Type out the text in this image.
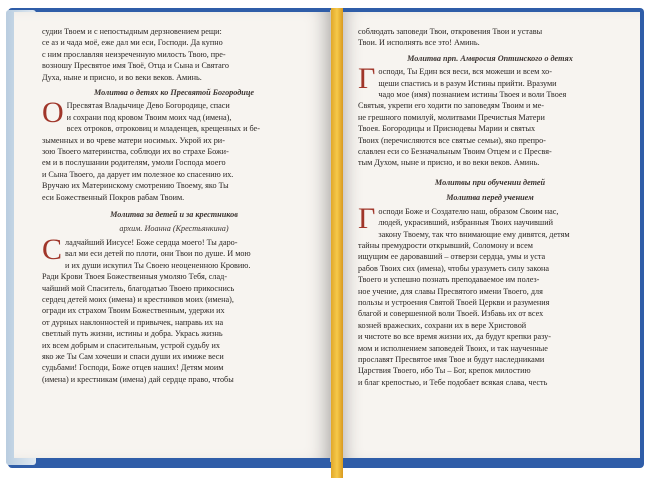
судии Твоем и с непостыдным дерзновением рещи:
се аз и чада моё, еже дал ми еси, Господи. Да купно
с ним прославляя неизреченную милость Твою, пре-
возношу Пресвятое имя Твоё, Отца и Сына и Святаго
Духа, ныне и присно, и во веки веков. Аминь.

Молитва о детях ко Пресвятой Богородице

О Пресвятая Владычице Дево Богородице, спаси
и сохрани под кровом Твоим моих чад (имена),
всех отроков, отроковиц и младенцев, крещенных и бе-
зыменных и во чреве матери носимых. Укрой их ри-
зою Твоего материнства, соблюди их во страхе Божи-
ем и в послушании родителям, умоли Господа моего
и Сына Твоего, да дарует им полезное ко спасению их.
Вручаю их Материнскому смотрению Твоему, яко Ты
еси Божественный Покров рабам Твоим.

Молитва за детей и за крестников
архим. Иоанна (Крестьянкина)

С ладчайший Иисусе! Боже сердца моего! Ты даро-
вал ми еси детей по плоти, они Твои по душе. И мою
и их души искупил Ты Своею неоцененною Кровию.
Ради Крови Твоея Божественныя умоляю Тебя, слад-
чайший мой Спаситель, благодатью Твоею прикоснись
сердец детей моих (имена) и крестников моих (имена),
огради их страхом Твоим Божественным, удержи их
от дурных наклонностей и привычек, направь их на
светлый путь жизни, истины и добра. Укрась жизнь
их всем добрым и спасительным, устрой судьбу их
яко же Ты Сам хочеши и спаси души их имиже веси
судьбами! Господи, Боже отцев наших! Детям моим
(имена) и крестникам (имена) дай сердце право, чтобы

соблюдать заповеди Твои, откровения Твои и уставы
Твои. И исполнять все это! Аминь.

Молитва прп. Амвросия Оптинского о детях

Г осподи, Ты Един вся веси, вся можеши и всем хо-
щеши спастись и в разум Истины прийти. Вразуми
чадо мое (имя) познанием истины Твоея и воли Твоея
Святыя, укрепи его ходити по заповедям Твоим и ме-
не грешного помилуй, молитвами Пречистыя Матери
Твоея. Богородицы и Приснодевы Марии и святых
Твоих (перечисляются все святые семьи), яко препро-
славлен еси со Безначальным Твоим Отцем и с Пресвя-
тым Духом, ныне и присно, и во веки веков. Аминь.

Молитвы при обучении детей
Молитва перед учением

Г осподи Боже и Создателю наш, образом Своим нас,
людей, украсивший, избранныя Твоих научивший
закону Твоему, так что внимающие ему дивятся, детям
тайны премудрости открывший, Соломону и всем
ищущим ее даровавший – отверзи сердца, умы и уста
рабов Твоих сих (имена), чтобы уразуметь силу закона
Твоего и успешно познать преподаваемое им полез-
ное учение, для славы Пресвятого имени Твоего, для
пользы и устроения Святой Твоей Церкви и разумения
благой и совершенной воли Твоей. Избавь их от всех
козней вражеских, сохрани их в вере Христовой
и чистоте во все время жизни их, да будут крепки разу-
мом и исполнением заповедей Твоих, и так наученные
прославят Пресвятое имя Твое и будут наследниками
Царствия Твоего, ибо Ты – Бог, крепок милостию
и благ крепостью, и Тебе подобает всякая слава, честь
